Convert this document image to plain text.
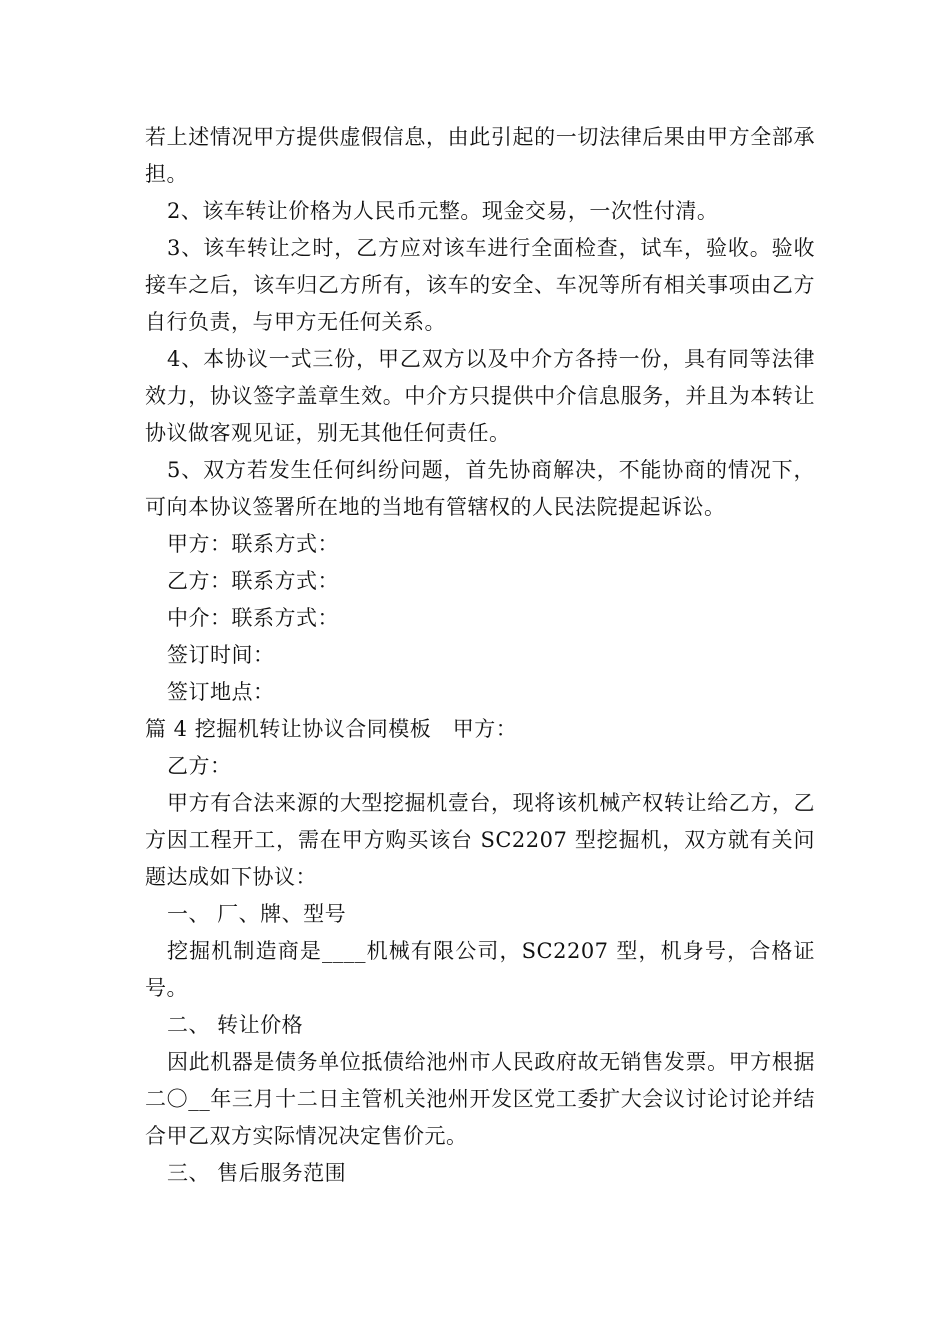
若上述情况甲方提供虚假信息，由此引起的一切法律后果由甲方全部承担。

2、该车转让价格为人民币元整。现金交易，一次性付清。

3、该车转让之时，乙方应对该车进行全面检查，试车，验收。验收接车之后，该车归乙方所有，该车的安全、车况等所有相关事项由乙方自行负责，与甲方无任何关系。

4、本协议一式三份，甲乙双方以及中介方各持一份，具有同等法律效力，协议签字盖章生效。中介方只提供中介信息服务，并且为本转让协议做客观见证，别无其他任何责任。

5、双方若发生任何纠纷问题，首先协商解决，不能协商的情况下，可向本协议签署所在地的当地有管辖权的人民法院提起诉讼。

甲方：联系方式：

乙方：联系方式：

中介：联系方式：

签订时间：

签订地点：

篇 4 挖掘机转让协议合同模板　甲方：

乙方：

甲方有合法来源的大型挖掘机壹台，现将该机械产权转让给乙方，乙方因工程开工，需在甲方购买该台 SC2207 型挖掘机，双方就有关问题达成如下协议：

一、 厂、牌、型号

挖掘机制造商是____机械有限公司，SC2207 型，机身号，合格证号。

二、 转让价格

因此机器是债务单位抵债给池州市人民政府故无销售发票。甲方根据二〇__年三月十二日主管机关池州开发区党工委扩大会议讨论讨论并结合甲乙双方实际情况决定售价元。

三、 售后服务范围
